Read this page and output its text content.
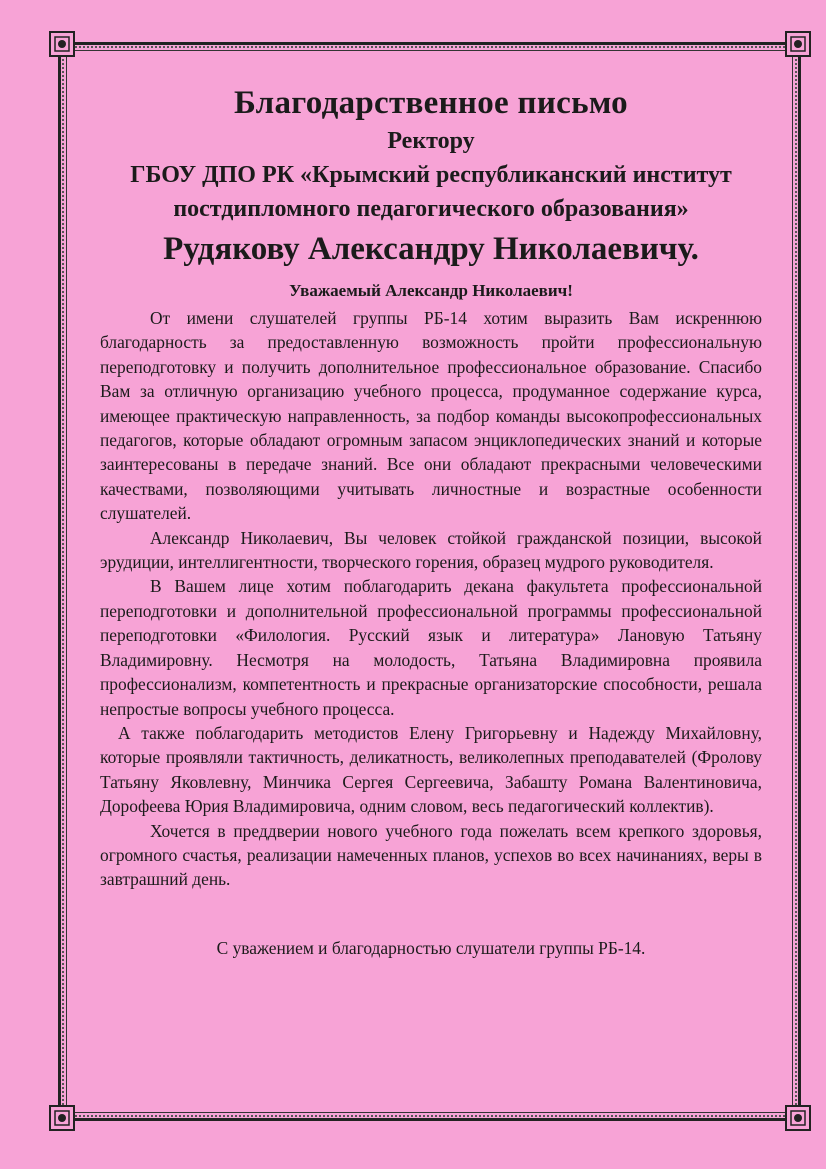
Благодарственное письмо

Ректору

ГБОУ ДПО РК «Крымский республиканский институт

постдипломного педагогического образования»

Рудякову Александру Николаевичу.

Уважаемый Александр Николаевич!

От имени слушателей группы РБ-14 хотим выразить Вам искреннюю благодарность за предоставленную возможность пройти профессиональную переподготовку и получить дополнительное профессиональное образование. Спасибо Вам за отличную организацию учебного процесса, продуманное содержание курса, имеющее практическую направленность, за подбор команды высокопрофессиональных педагогов, которые обладают огромным запасом энциклопедических знаний и которые заинтересованы в передаче знаний. Все они обладают прекрасными человеческими качествами, позволяющими учитывать личностные и возрастные особенности слушателей.

Александр Николаевич, Вы человек стойкой гражданской позиции, высокой эрудиции, интеллигентности, творческого горения, образец мудрого руководителя.

В Вашем лице хотим поблагодарить декана факультета профессиональной переподготовки и дополнительной профессиональной программы профессиональной переподготовки «Филология. Русский язык и литература» Лановую Татьяну Владимировну. Несмотря на молодость, Татьяна Владимировна проявила профессионализм, компетентность и прекрасные организаторские способности, решала непростые вопросы учебного процесса.

А также поблагодарить методистов Елену Григорьевну и Надежду Михайловну, которые проявляли тактичность, деликатность, великолепных преподавателей (Фролову Татьяну Яковлевну, Минчика Сергея Сергеевича, Забашту Романа Валентиновича, Дорофеева Юрия Владимировича, одним словом, весь педагогический коллектив).

Хочется в преддверии нового учебного года пожелать всем крепкого здоровья, огромного счастья, реализации намеченных планов, успехов во всех начинаниях, веры в завтрашний день.

С уважением и благодарностью слушатели группы РБ-14.
